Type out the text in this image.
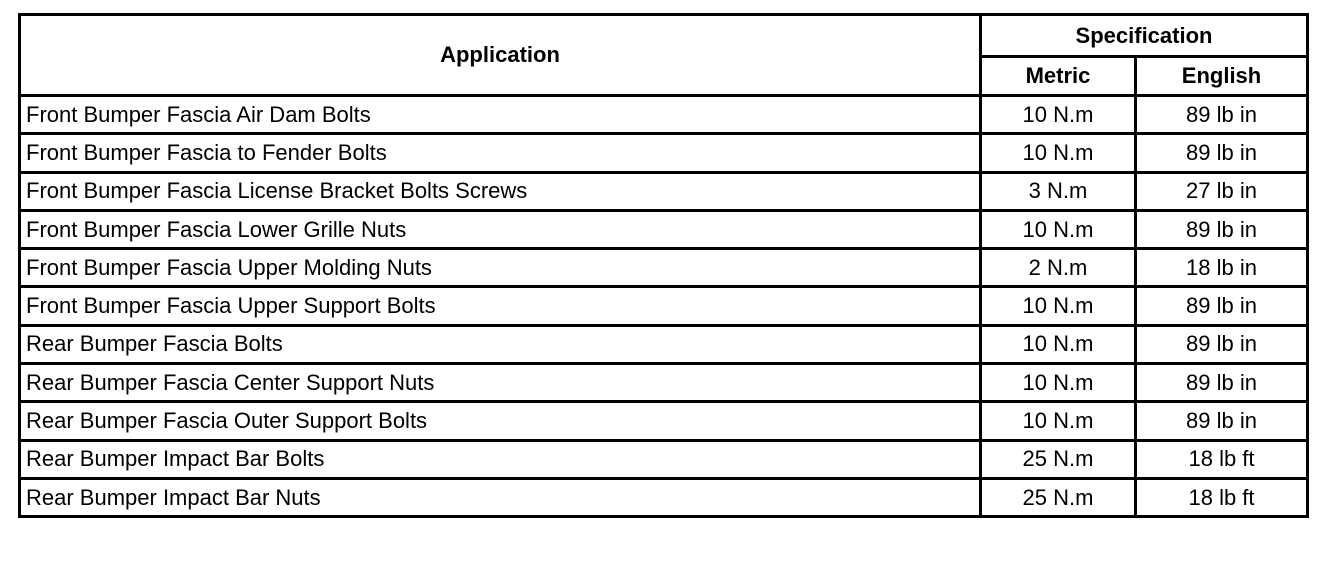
Application	Specification	
	Metric	English
Front Bumper Fascia Air Dam Bolts	10 N.m	89 lb in
Front Bumper Fascia to Fender Bolts	10 N.m	89 lb in
Front Bumper Fascia License Bracket Bolts Screws	3 N.m	27 lb in
Front Bumper Fascia Lower Grille Nuts	10 N.m	89 lb in
Front Bumper Fascia Upper Molding Nuts	2 N.m	18 lb in
Front Bumper Fascia Upper Support Bolts	10 N.m	89 lb in
Rear Bumper Fascia Bolts	10 N.m	89 lb in
Rear Bumper Fascia Center Support Nuts	10 N.m	89 lb in
Rear Bumper Fascia Outer Support Bolts	10 N.m	89 lb in
Rear Bumper Impact Bar Bolts	25 N.m	18 lb ft
Rear Bumper Impact Bar Nuts	25 N.m	18 lb ft
